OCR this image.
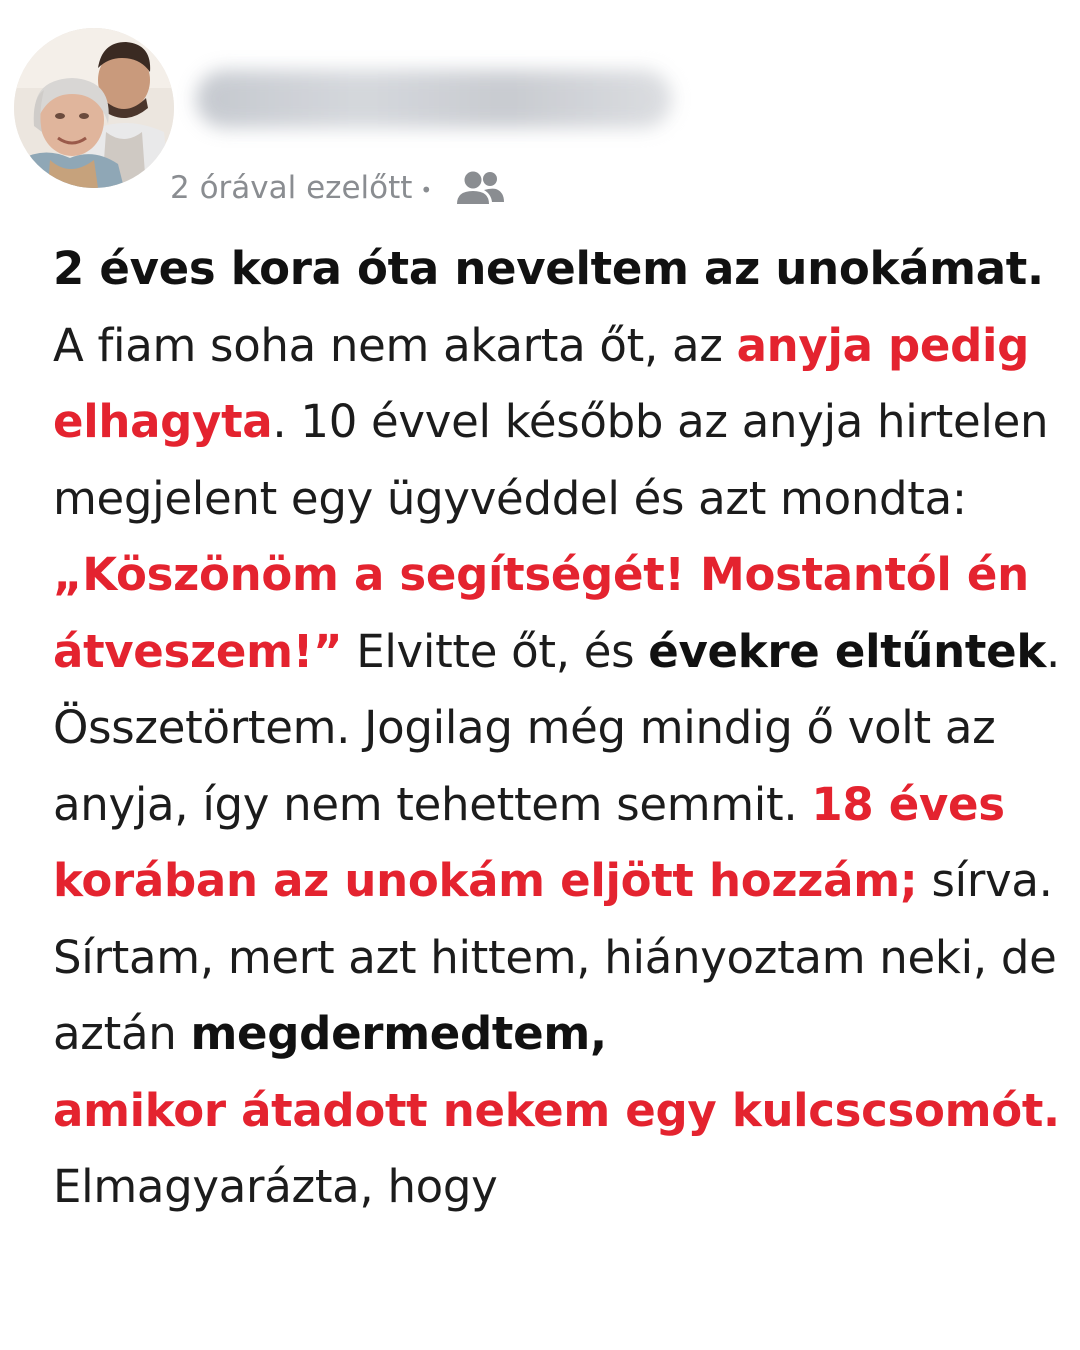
2 órával ezelőtt •
2 éves kora óta neveltem az unokámat. A fiam soha nem akarta őt, az anyja pedig elhagyta. 10 évvel később az anyja hirtelen megjelent egy ügyvéddel és azt mondta: „Köszönöm a segítségét! Mostantól én átveszem!” Elvitte őt, és évekre eltűntek. Összetörtem. Jogilag még mindig ő volt az anyja, így nem tehettem semmit. 18 éves korában az unokám eljött hozzám; sírva. Sírtam, mert azt hittem, hiányoztam neki, de aztán megdermedtem,
amikor átadott nekem egy kulcscsomót. Elmagyarázta, hogy
